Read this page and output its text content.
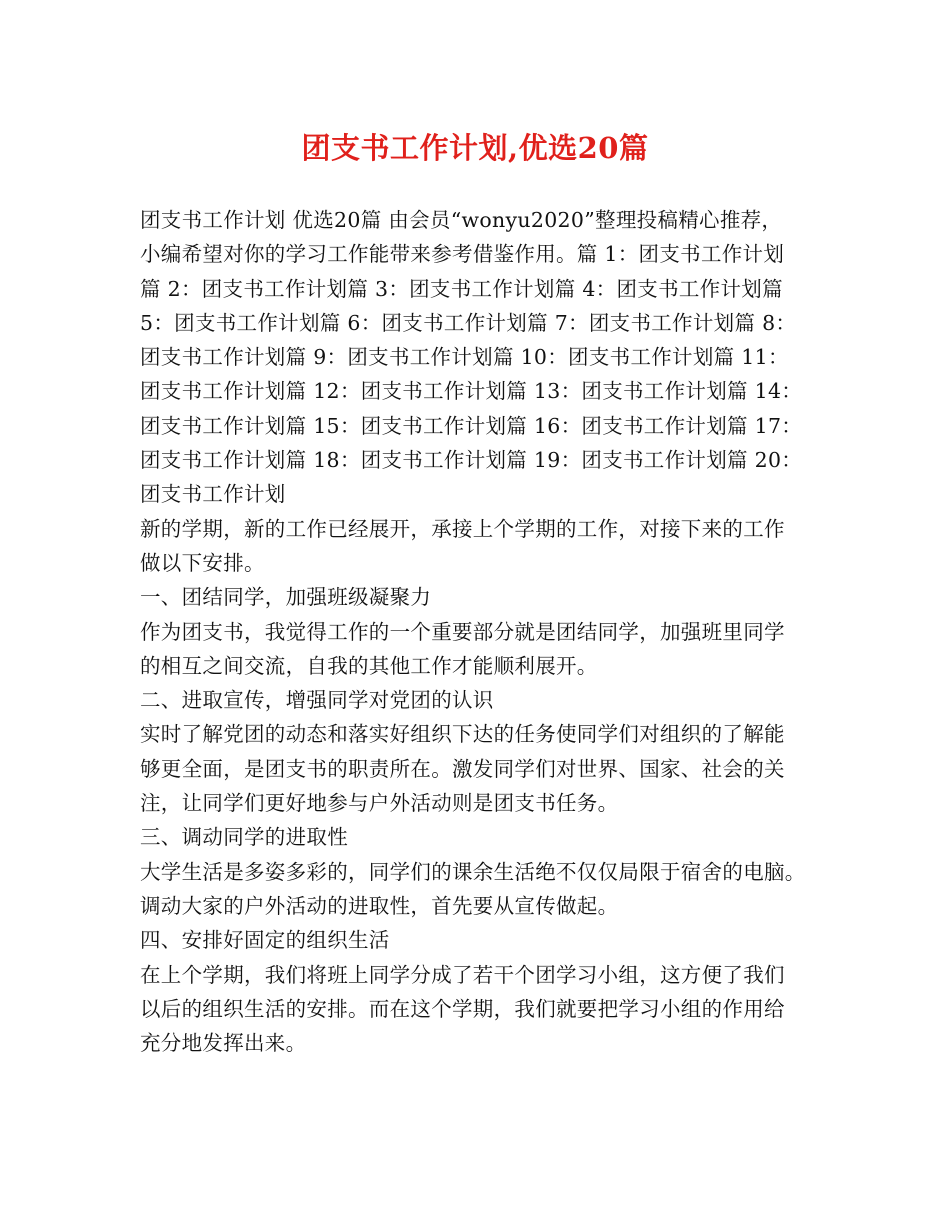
团支书工作计划,优选20篇
团支书工作计划 优选20篇 由会员“wonyu2020”整理投稿精心推荐，
小编希望对你的学习工作能带来参考借鉴作用。篇 1：团支书工作计划
篇 2：团支书工作计划篇 3：团支书工作计划篇 4：团支书工作计划篇
5：团支书工作计划篇 6：团支书工作计划篇 7：团支书工作计划篇 8：
团支书工作计划篇 9：团支书工作计划篇 10：团支书工作计划篇 11：
团支书工作计划篇 12：团支书工作计划篇 13：团支书工作计划篇 14：
团支书工作计划篇 15：团支书工作计划篇 16：团支书工作计划篇 17：
团支书工作计划篇 18：团支书工作计划篇 19：团支书工作计划篇 20：
团支书工作计划
新的学期，新的工作已经展开，承接上个学期的工作，对接下来的工作
做以下安排。
一、团结同学，加强班级凝聚力
作为团支书，我觉得工作的一个重要部分就是团结同学，加强班里同学
的相互之间交流，自我的其他工作才能顺利展开。
二、进取宣传，增强同学对党团的认识
实时了解党团的动态和落实好组织下达的任务使同学们对组织的了解能
够更全面，是团支书的职责所在。激发同学们对世界、国家、社会的关
注，让同学们更好地参与户外活动则是团支书任务。
三、调动同学的进取性
大学生活是多姿多彩的，同学们的课余生活绝不仅仅局限于宿舍的电脑。
调动大家的户外活动的进取性，首先要从宣传做起。
四、安排好固定的组织生活
在上个学期，我们将班上同学分成了若干个团学习小组，这方便了我们
以后的组织生活的安排。而在这个学期，我们就要把学习小组的作用给
充分地发挥出来。
